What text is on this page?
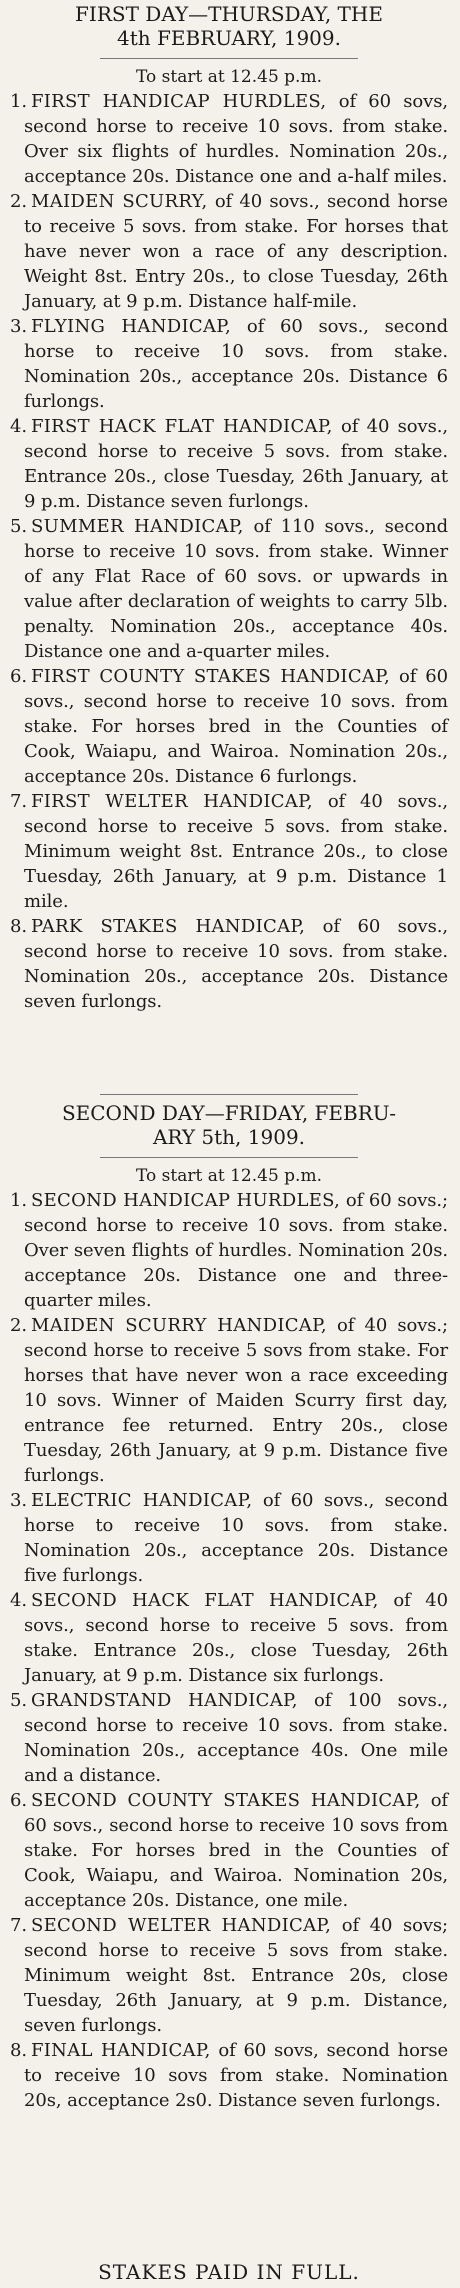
FIRST DAY—THURSDAY, THE
4th FEBRUARY, 1909.

To start at 12.45 p.m.

1. FIRST HANDICAP HURDLES, of 60 sovs, second horse to receive 10 sovs. from stake. Over six flights of hurdles. Nomination 20s., acceptance 20s. Distance one and a-half miles.

2. MAIDEN SCURRY, of 40 sovs., second horse to receive 5 sovs. from stake. For horses that have never won a race of any description. Weight 8st. Entry 20s., to close Tuesday, 26th January, at 9 p.m. Distance half-mile.

3. FLYING HANDICAP, of 60 sovs., second horse to receive 10 sovs. from stake. Nomination 20s., acceptance 20s. Distance 6 furlongs.

4. FIRST HACK FLAT HANDICAP, of 40 sovs., second horse to receive 5 sovs. from stake. Entrance 20s., close Tuesday, 26th January, at 9 p.m. Distance seven furlongs.

5. SUMMER HANDICAP, of 110 sovs., second horse to receive 10 sovs. from stake. Winner of any Flat Race of 60 sovs. or upwards in value after declaration of weights to carry 5lb. penalty. Nomination 20s., acceptance 40s. Distance one and a-quarter miles.

6. FIRST COUNTY STAKES HANDICAP, of 60 sovs., second horse to receive 10 sovs. from stake. For horses bred in the Counties of Cook, Waiapu, and Wairoa. Nomination 20s., acceptance 20s. Distance 6 furlongs.

7. FIRST WELTER HANDICAP, of 40 sovs., second horse to receive 5 sovs. from stake. Minimum weight 8st. Entrance 20s., to close Tuesday, 26th January, at 9 p.m. Distance 1 mile.

8. PARK STAKES HANDICAP, of 60 sovs., second horse to receive 10 sovs. from stake. Nomination 20s., acceptance 20s. Distance seven furlongs.

SECOND DAY—FRIDAY, FEBRU-
ARY 5th, 1909.

To start at 12.45 p.m.

1. SECOND HANDICAP HURDLES, of 60 sovs.; second horse to receive 10 sovs. from stake. Over seven flights of hurdles. Nomination 20s. acceptance 20s. Distance one and three-quarter miles.

2. MAIDEN SCURRY HANDICAP, of 40 sovs.; second horse to receive 5 sovs from stake. For horses that have never won a race exceeding 10 sovs. Winner of Maiden Scurry first day, entrance fee returned. Entry 20s., close Tuesday, 26th January, at 9 p.m. Distance five furlongs.

3. ELECTRIC HANDICAP, of 60 sovs., second horse to receive 10 sovs. from stake. Nomination 20s., acceptance 20s. Distance five furlongs.

4. SECOND HACK FLAT HANDICAP, of 40 sovs., second horse to receive 5 sovs. from stake. Entrance 20s., close Tuesday, 26th January, at 9 p.m. Distance six furlongs.

5. GRANDSTAND HANDICAP, of 100 sovs., second horse to receive 10 sovs. from stake. Nomination 20s., acceptance 40s. One mile and a distance.

6. SECOND COUNTY STAKES HANDICAP, of 60 sovs., second horse to receive 10 sovs from stake. For horses bred in the Counties of Cook, Waiapu, and Wairoa. Nomination 20s, acceptance 20s. Distance, one mile.

7. SECOND WELTER HANDICAP, of 40 sovs; second horse to receive 5 sovs from stake. Minimum weight 8st. Entrance 20s, close Tuesday, 26th January, at 9 p.m. Distance, seven furlongs.

8. FINAL HANDICAP, of 60 sovs, second horse to receive 10 sovs from stake. Nomination 20s, acceptance 2s0. Distance seven furlongs.

STAKES PAID IN FULL.
